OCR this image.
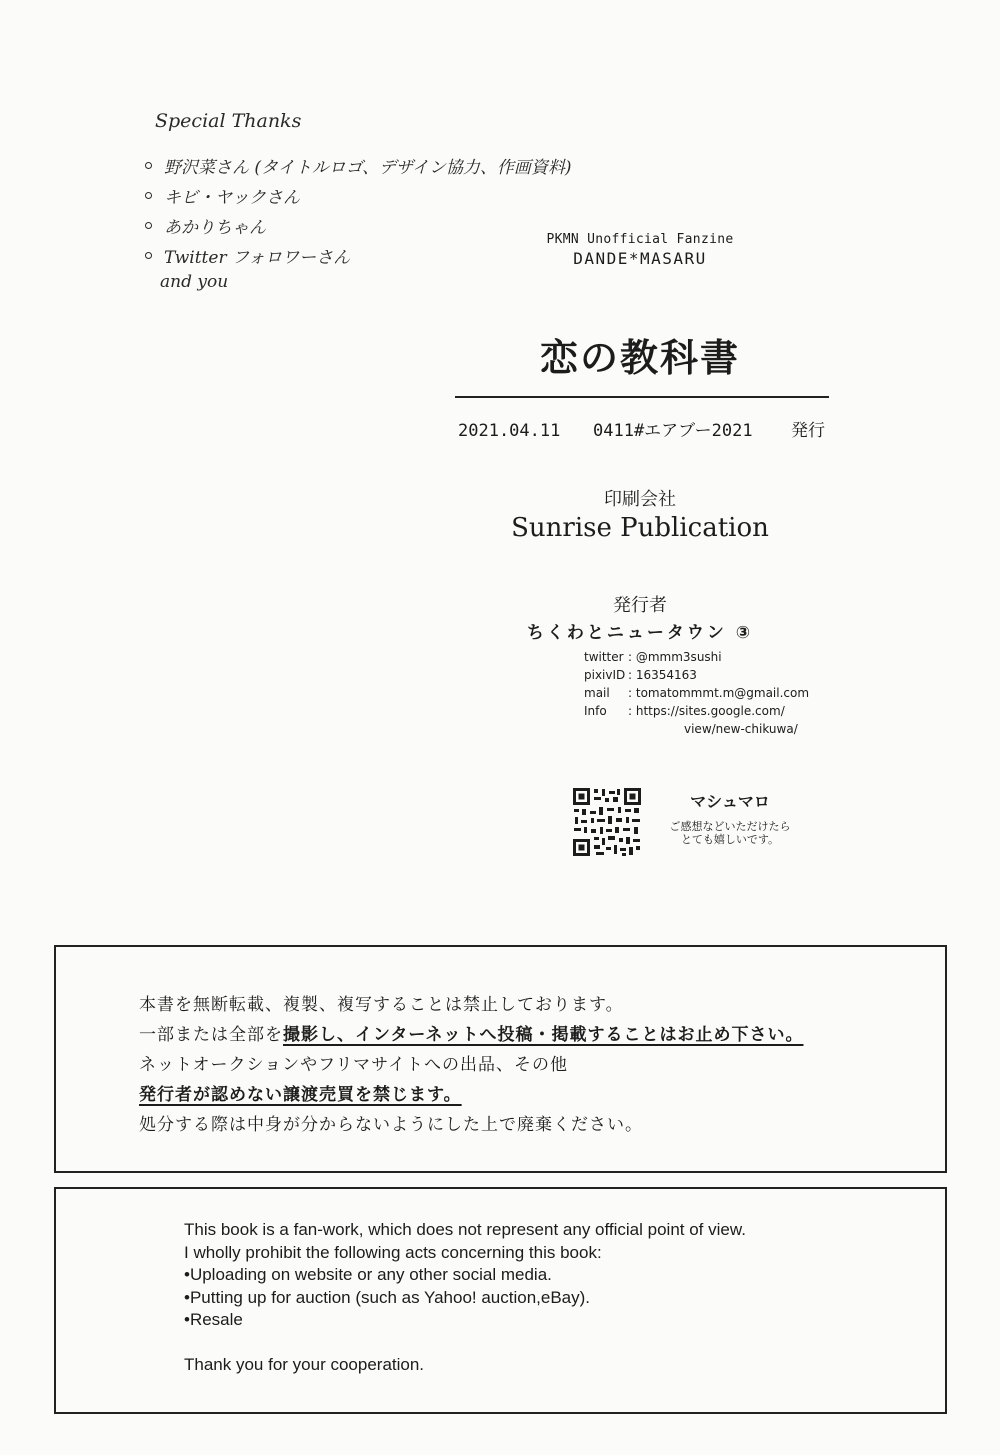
Special Thanks
野沢菜さん (タイトルロゴ、デザイン協力、作画資料)
キビ・ヤックさん
あかりちゃん
Twitter フォロワーさん
and you
PKMN Unofficial Fanzine
DANDE*MASARU
恋の教科書
2021.04.11 0411#エアブー2021 発行
印刷会社
Sunrise Publication
発行者
ちくわとニュータウン ③
twitter : @mmm3sushi
pixivID : 16354163
mail	: tomatommmt.m@gmail.com
Info	: https://sites.google.com/
view/new-chikuwa/
マシュマロ
ご感想などいただけたら
とても嬉しいです。
本書を無断転載、複製、複写することは禁止しております。
一部または全部を撮影し、インターネットへ投稿・掲載することはお止め下さい。
ネットオークションやフリマサイトへの出品、その他
発行者が認めない譲渡売買を禁じます。
処分する際は中身が分からないようにした上で廃棄ください。
This book is a fan-work, which does not represent any official point of view.
I wholly prohibit the following acts concerning this book:
•Uploading on website or any other social media.
•Putting up for auction (such as Yahoo! auction,eBay).
•Resale
Thank you for your cooperation.
